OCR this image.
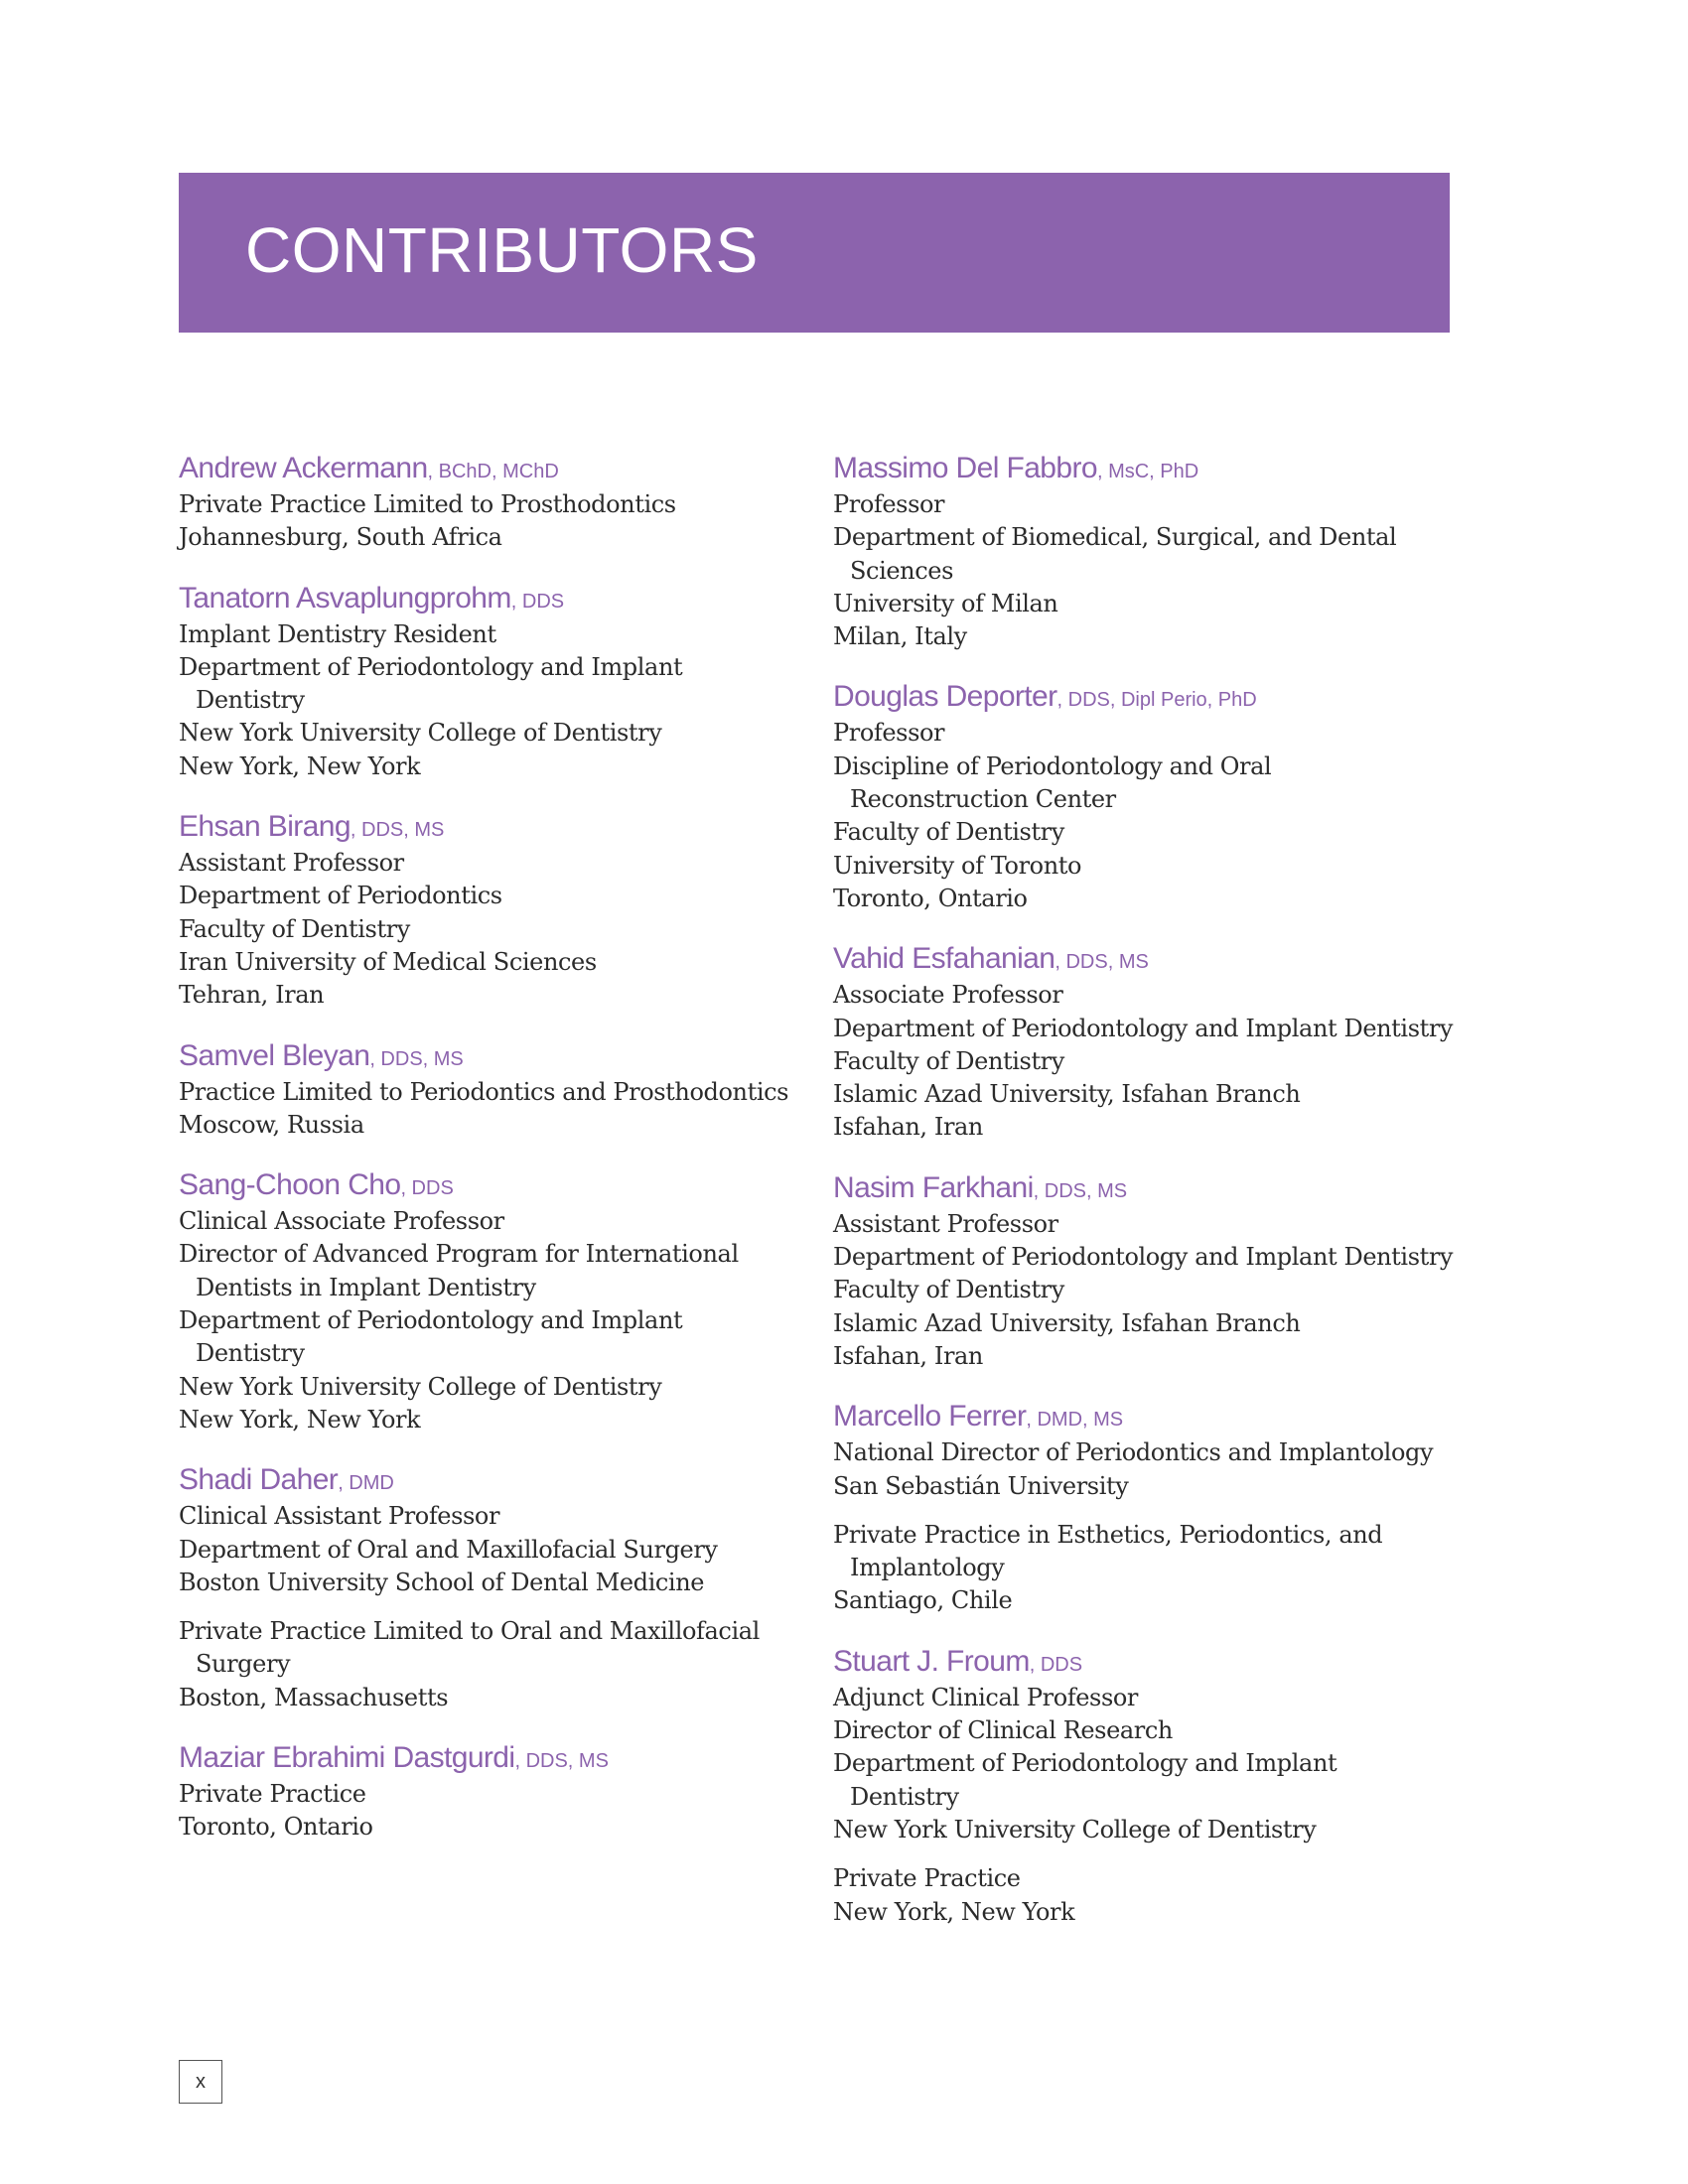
CONTRIBUTORS
Andrew Ackermann, BChD, MChD
Private Practice Limited to Prosthodontics
Johannesburg, South Africa
Tanatorn Asvaplungprohm, DDS
Implant Dentistry Resident
Department of Periodontology and Implant
Dentistry
New York University College of Dentistry
New York, New York
Ehsan Birang, DDS, MS
Assistant Professor
Department of Periodontics
Faculty of Dentistry
Iran University of Medical Sciences
Tehran, Iran
Samvel Bleyan, DDS, MS
Practice Limited to Periodontics and Prosthodontics
Moscow, Russia
Sang-Choon Cho, DDS
Clinical Associate Professor
Director of Advanced Program for International
Dentists in Implant Dentistry
Department of Periodontology and Implant
Dentistry
New York University College of Dentistry
New York, New York
Shadi Daher, DMD
Clinical Assistant Professor
Department of Oral and Maxillofacial Surgery
Boston University School of Dental Medicine
Private Practice Limited to Oral and Maxillofacial
Surgery
Boston, Massachusetts
Maziar Ebrahimi Dastgurdi, DDS, MS
Private Practice
Toronto, Ontario
Massimo Del Fabbro, MsC, PhD
Professor
Department of Biomedical, Surgical, and Dental
Sciences
University of Milan
Milan, Italy
Douglas Deporter, DDS, Dipl Perio, PhD
Professor
Discipline of Periodontology and Oral
Reconstruction Center
Faculty of Dentistry
University of Toronto
Toronto, Ontario
Vahid Esfahanian, DDS, MS
Associate Professor
Department of Periodontology and Implant Dentistry
Faculty of Dentistry
Islamic Azad University, Isfahan Branch
Isfahan, Iran
Nasim Farkhani, DDS, MS
Assistant Professor
Department of Periodontology and Implant Dentistry
Faculty of Dentistry
Islamic Azad University, Isfahan Branch
Isfahan, Iran
Marcello Ferrer, DMD, MS
National Director of Periodontics and Implantology
San Sebastián University
Private Practice in Esthetics, Periodontics, and
Implantology
Santiago, Chile
Stuart J. Froum, DDS
Adjunct Clinical Professor
Director of Clinical Research
Department of Periodontology and Implant
Dentistry
New York University College of Dentistry
Private Practice
New York, New York
x
